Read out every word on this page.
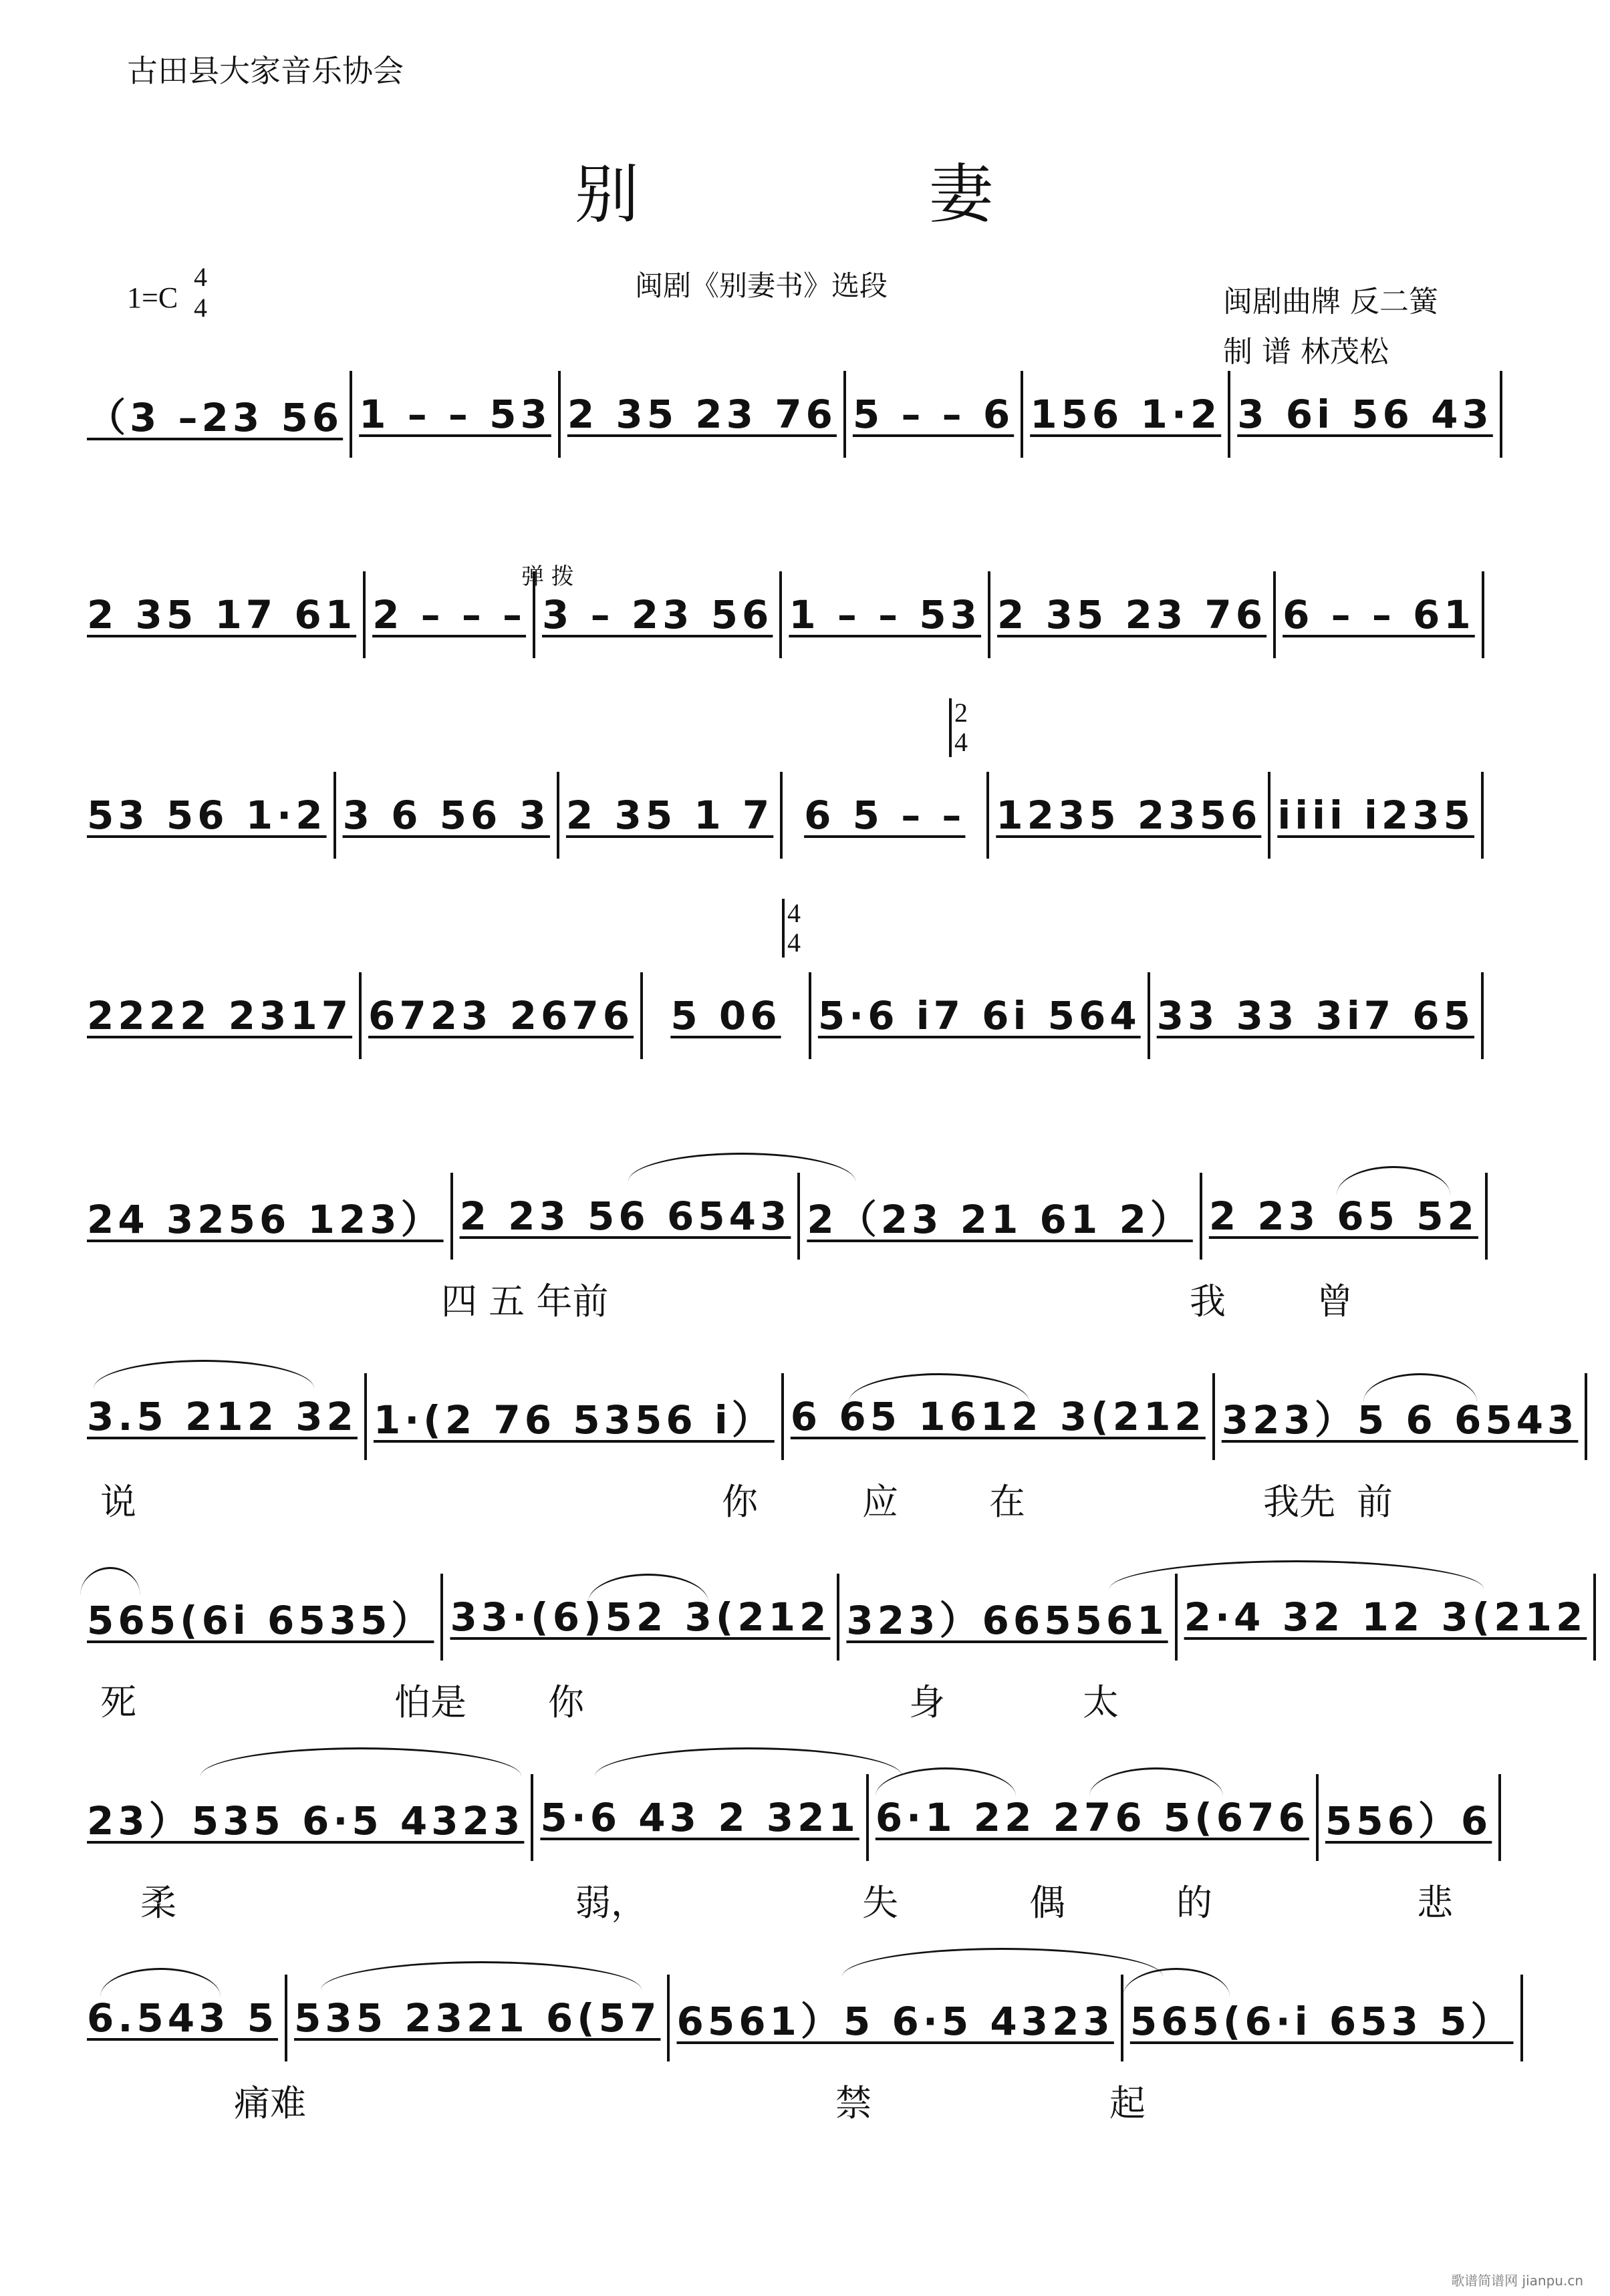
古田县大家音乐协会
别	妻
1=C
4
4
闽剧《别妻书》选段	闽剧曲牌 反二簧
制 谱 林茂松
（3 –23 56 1 – – 53 2 35 23 76 5 – – 6 156 1·2 3 6i 56 43
弹 拨
2 35 17 61 2 – – – 3 – 23 56 1 – – 53 2 35 23 76 6 – – 61
2
4
53 56 1·2 3 6 56 3 2 35 1 7 6 5 – – 1235 2356 iiii i235
4
4
2222 2317 6723 2676 5 06 5·6 i7 6i 564 33 33 3i7 65
24 3256 123） 2 23 56 6543 2（23 21 61 2） 2 23 65 52
四 五 年前	我	曾
3.5 212 32 1·(2 76 5356 i） 6 65 1612 3(212 323）5 6 6543
说	你	应	在	我先 前
565(6i 6535） 33·(6)52 3(212 323）665561 2·4 32 12 3(212
死	怕是 你	身	太
23）535 6·5 4323 5·6 43 2 321 6·1 22 276 5(676 556）6
柔	弱，	失	偶	的	悲
6.543 5 535 2321 6(57 6561）5 6·5 4323 565(6·i 653 5）
痛难	禁	起
歌谱简谱网 jianpu.cn
